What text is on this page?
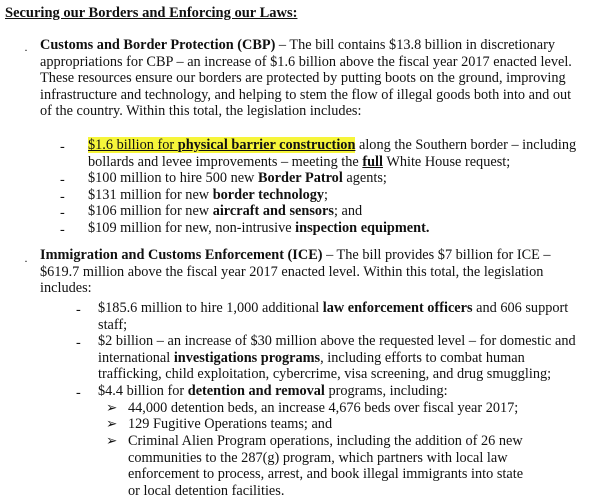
Securing our Borders and Enforcing our Laws:
· Customs and Border Protection (CBP) – The bill contains $13.8 billion in discretionary appropriations for CBP – an increase of $1.6 billion above the fiscal year 2017 enacted level. These resources ensure our borders are protected by putting boots on the ground, improving infrastructure and technology, and helping to stem the flow of illegal goods both into and out of the country. Within this total, the legislation includes:
- $1.6 billion for physical barrier construction along the Southern border – including bollards and levee improvements – meeting the full White House request;
- $100 million to hire 500 new Border Patrol agents;
- $131 million for new border technology;
- $106 million for new aircraft and sensors; and
- $109 million for new, non-intrusive inspection equipment.
· Immigration and Customs Enforcement (ICE) – The bill provides $7 billion for ICE –$619.7 million above the fiscal year 2017 enacted level. Within this total, the legislation includes:
- $185.6 million to hire 1,000 additional law enforcement officers and 606 support staff;
- $2 billion – an increase of $30 million above the requested level – for domestic and international investigations programs, including efforts to combat human trafficking, child exploitation, cybercrime, visa screening, and drug smuggling;
- $4.4 billion for detention and removal programs, including:
➢ 44,000 detention beds, an increase 4,676 beds over fiscal year 2017;
➢ 129 Fugitive Operations teams; and
➢ Criminal Alien Program operations, including the addition of 26 new communities to the 287(g) program, which partners with local law enforcement to process, arrest, and book illegal immigrants into state or local detention facilities.
